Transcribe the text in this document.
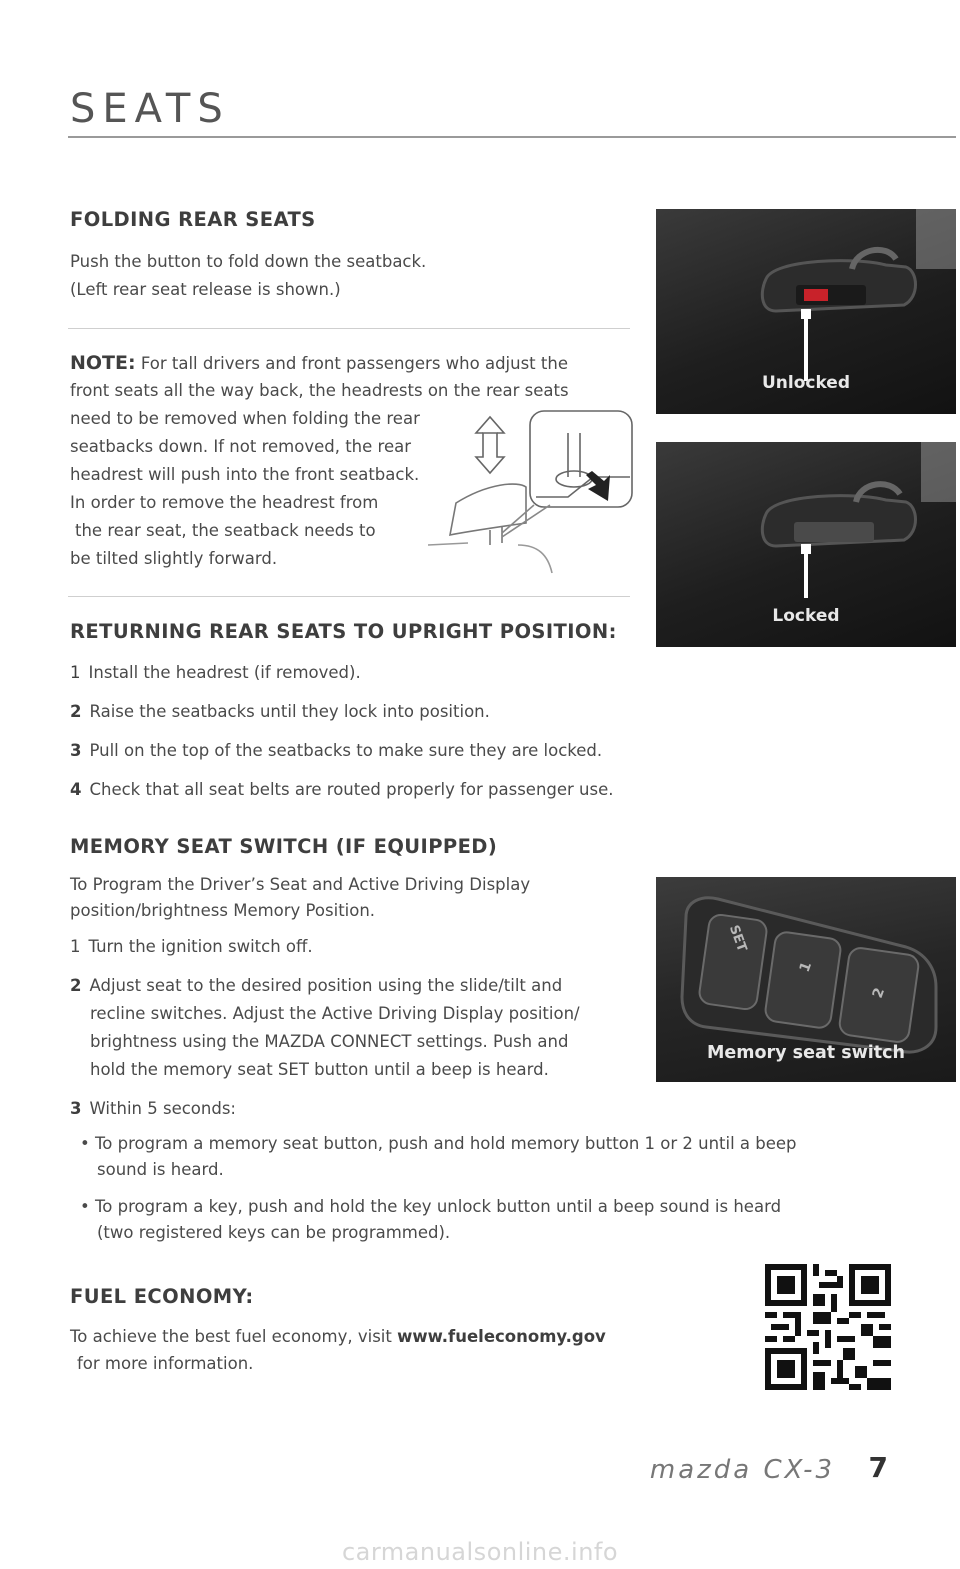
SEATS
FOLDING REAR SEATS
Push the button to fold down the seatback.
(Left rear seat release is shown.)
NOTE: For tall drivers and front passengers who adjust the
front seats all the way back, the headrests on the rear seats
need to be removed when folding the rear
seatbacks down. If not removed, the rear
headrest will push into the front seatback.
In order to remove the headrest from
the rear seat, the seatback needs to
be tilted slightly forward.
Unlocked
Locked
RETURNING REAR SEATS TO UPRIGHT POSITION:
1 Install the headrest (if removed).
2 Raise the seatbacks until they lock into position.
3 Pull on the top of the seatbacks to make sure they are locked.
4 Check that all seat belts are routed properly for passenger use.
MEMORY SEAT SWITCH (IF EQUIPPED)
To Program the Driver’s Seat and Active Driving Display
position/brightness Memory Position.
1 Turn the ignition switch off.
2 Adjust seat to the desired position using the slide/tilt and
recline switches. Adjust the Active Driving Display position/
brightness using the MAZDA CONNECT settings. Push and
hold the memory seat SET button until a beep is heard.
3 Within 5 seconds:
• To program a memory seat button, push and hold memory button 1 or 2 until a beep
sound is heard.
• To program a key, push and hold the key unlock button until a beep sound is heard
(two registered keys can be programmed).
SET
1
2
Memory seat switch
FUEL ECONOMY:
To achieve the best fuel economy, visit www.fueleconomy.gov
for more information.
mazda CX-3 7
carmanualsonline.info
